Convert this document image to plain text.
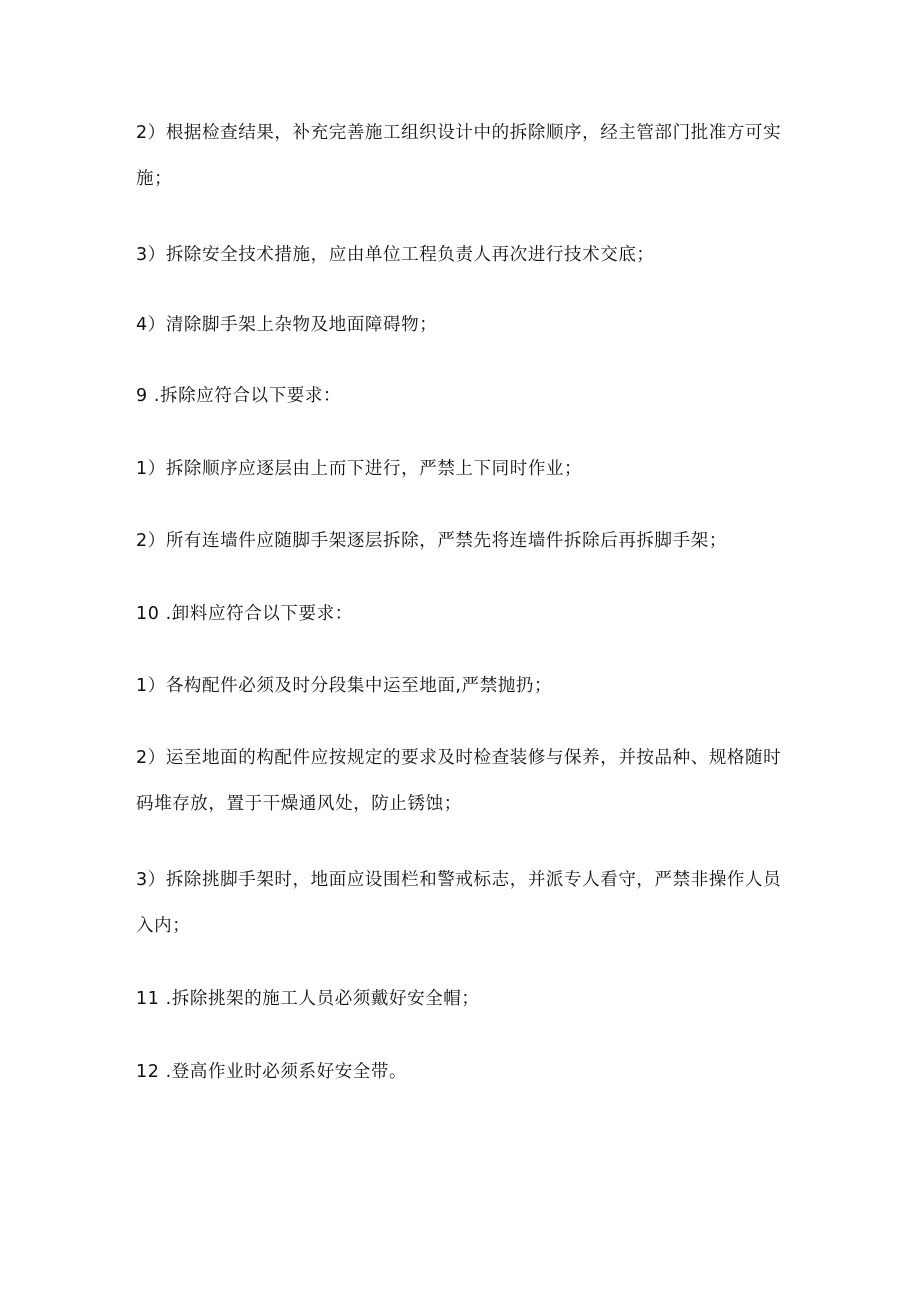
2）根据检查结果，补充完善施工组织设计中的拆除顺序，经主管部门批准方可实施；

3）拆除安全技术措施，应由单位工程负责人再次进行技术交底；

4）清除脚手架上杂物及地面障碍物；

9 .拆除应符合以下要求：

1）拆除顺序应逐层由上而下进行，严禁上下同时作业；

2）所有连墙件应随脚手架逐层拆除，严禁先将连墙件拆除后再拆脚手架；

10 .卸料应符合以下要求：

1）各构配件必须及时分段集中运至地面,严禁抛扔；

2）运至地面的构配件应按规定的要求及时检查装修与保养，并按品种、规格随时码堆存放，置于干燥通风处，防止锈蚀；

3）拆除挑脚手架时，地面应设围栏和警戒标志，并派专人看守，严禁非操作人员入内；

11 .拆除挑架的施工人员必须戴好安全帽；

12 .登高作业时必须系好安全带。
